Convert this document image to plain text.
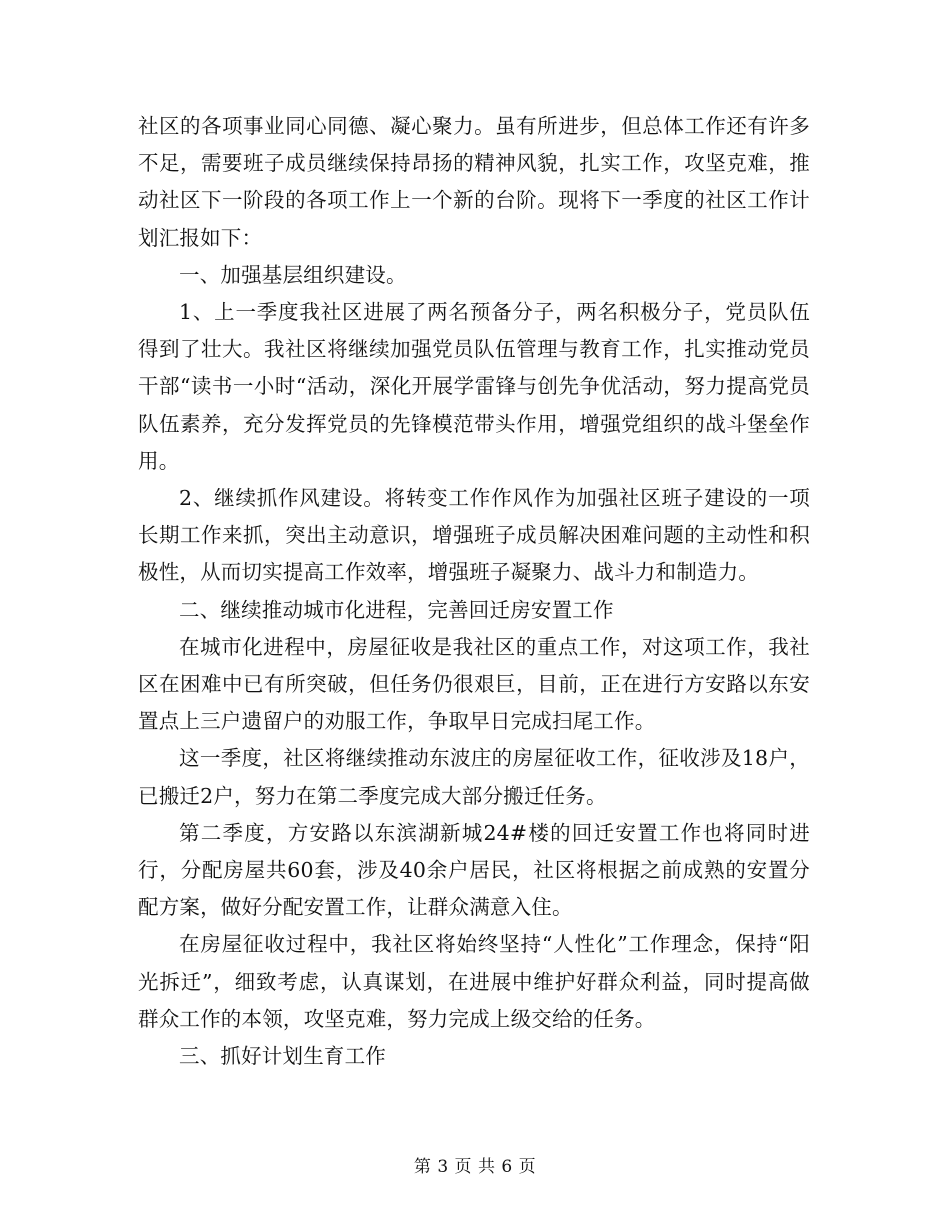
社区的各项事业同心同德、凝心聚力。虽有所进步，但总体工作还有许多不足，需要班子成员继续保持昂扬的精神风貌，扎实工作，攻坚克难，推动社区下一阶段的各项工作上一个新的台阶。现将下一季度的社区工作计划汇报如下：

一、加强基层组织建设。

1、上一季度我社区进展了两名预备分子，两名积极分子，党员队伍得到了壮大。我社区将继续加强党员队伍管理与教育工作，扎实推动党员干部“读书一小时“活动，深化开展学雷锋与创先争优活动，努力提高党员队伍素养，充分发挥党员的先锋模范带头作用，增强党组织的战斗堡垒作用。

2、继续抓作风建设。将转变工作作风作为加强社区班子建设的一项长期工作来抓，突出主动意识，增强班子成员解决困难问题的主动性和积极性，从而切实提高工作效率，增强班子凝聚力、战斗力和制造力。

二、继续推动城市化进程，完善回迁房安置工作

在城市化进程中，房屋征收是我社区的重点工作，对这项工作，我社区在困难中已有所突破，但任务仍很艰巨，目前，正在进行方安路以东安置点上三户遗留户的劝服工作，争取早日完成扫尾工作。

这一季度，社区将继续推动东波庄的房屋征收工作，征收涉及18户，已搬迁2户，努力在第二季度完成大部分搬迁任务。

第二季度，方安路以东滨湖新城24#楼的回迁安置工作也将同时进行，分配房屋共60套，涉及40余户居民，社区将根据之前成熟的安置分配方案，做好分配安置工作，让群众满意入住。

在房屋征收过程中，我社区将始终坚持“人性化”工作理念，保持“阳光拆迁”，细致考虑，认真谋划，在进展中维护好群众利益，同时提高做群众工作的本领，攻坚克难，努力完成上级交给的任务。

三、抓好计划生育工作

第 3 页 共 6 页
